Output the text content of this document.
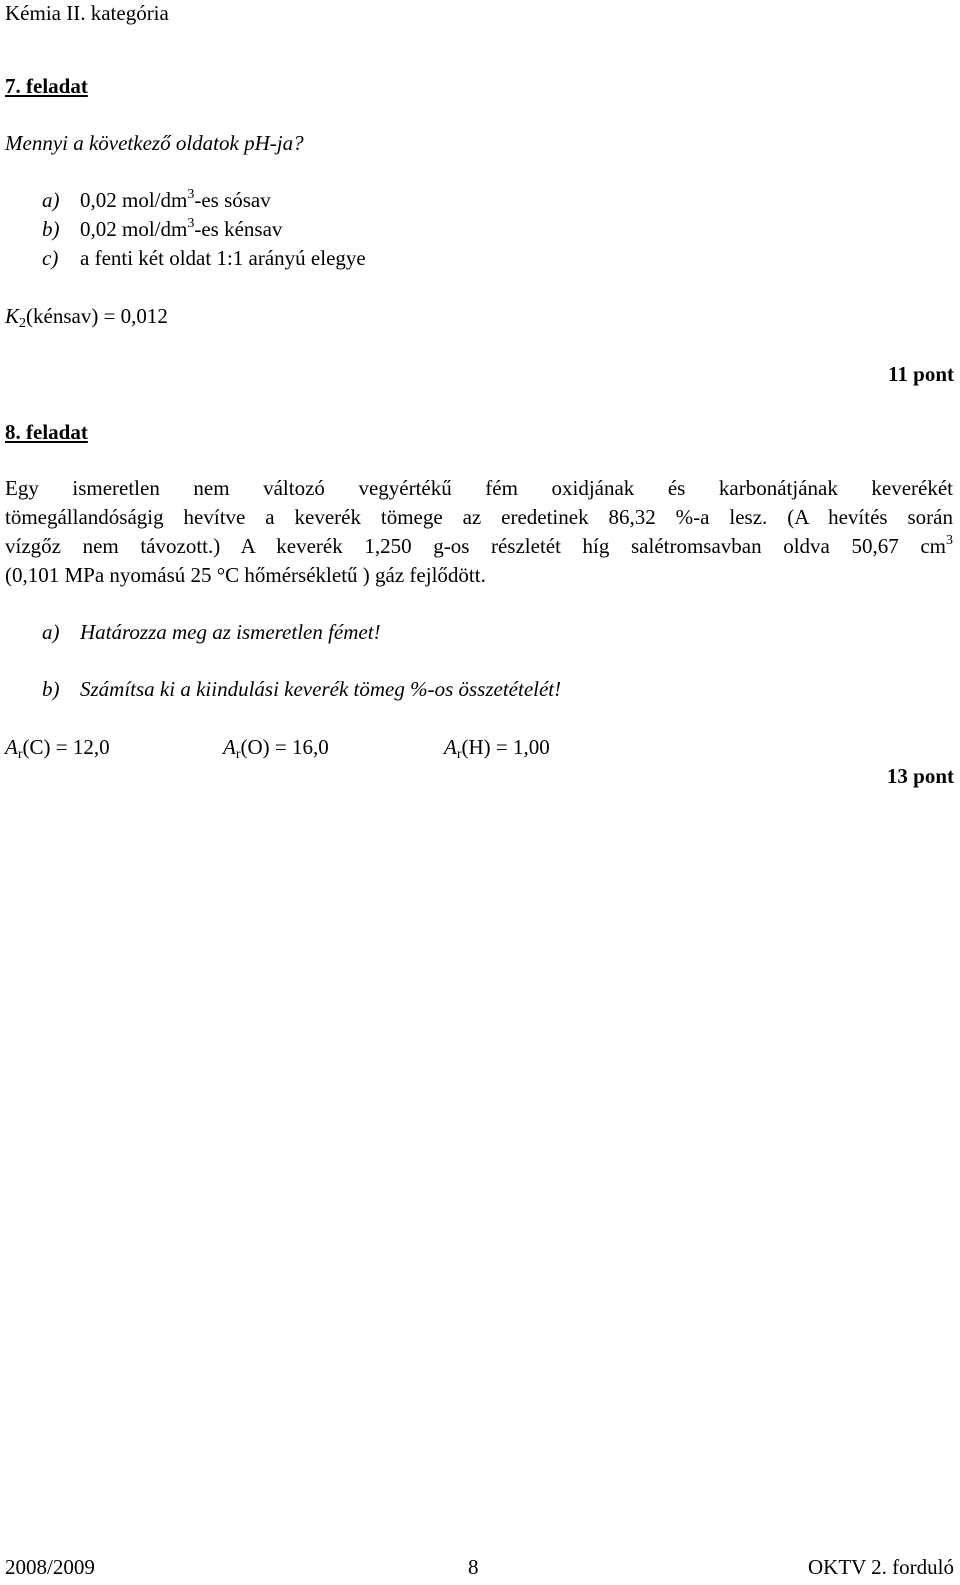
Kémia II. kategória
7. feladat
Mennyi a következő oldatok pH-ja?
a) 0,02 mol/$dm^3-es$ sósav
b) 0,02 mol/$dm^3-es$ kénsav
c) a fenti két oldat 1:1 arányú elegye
K2(kénsav) = 0,012
11 pont
8. feladat
Egy ismeretlen nem változó vegyértékű fém oxidjának és karbonátjának keverékét
tömegállandóságig hevítve a keverék tömege az eredetinek 86,32 %-a lesz. (A hevítés során
vízgőz nem távozott.) A keverék 1,250 g-os részletét híg salétromsavban oldva 50,67 $cm^3$
(0,101 MPa nyomású 25 °C hőmérsékletű ) gáz fejlődött.
a) Határozza meg az ismeretlen fémet!
b) Számítsa ki a kiindulási keverék tömeg %-os összetételét!
Ar(C) = 12,0	Ar(O) = 16,0	Ar(H) = 1,00
13 pont
2008/2009	8	OKTV 2. forduló
